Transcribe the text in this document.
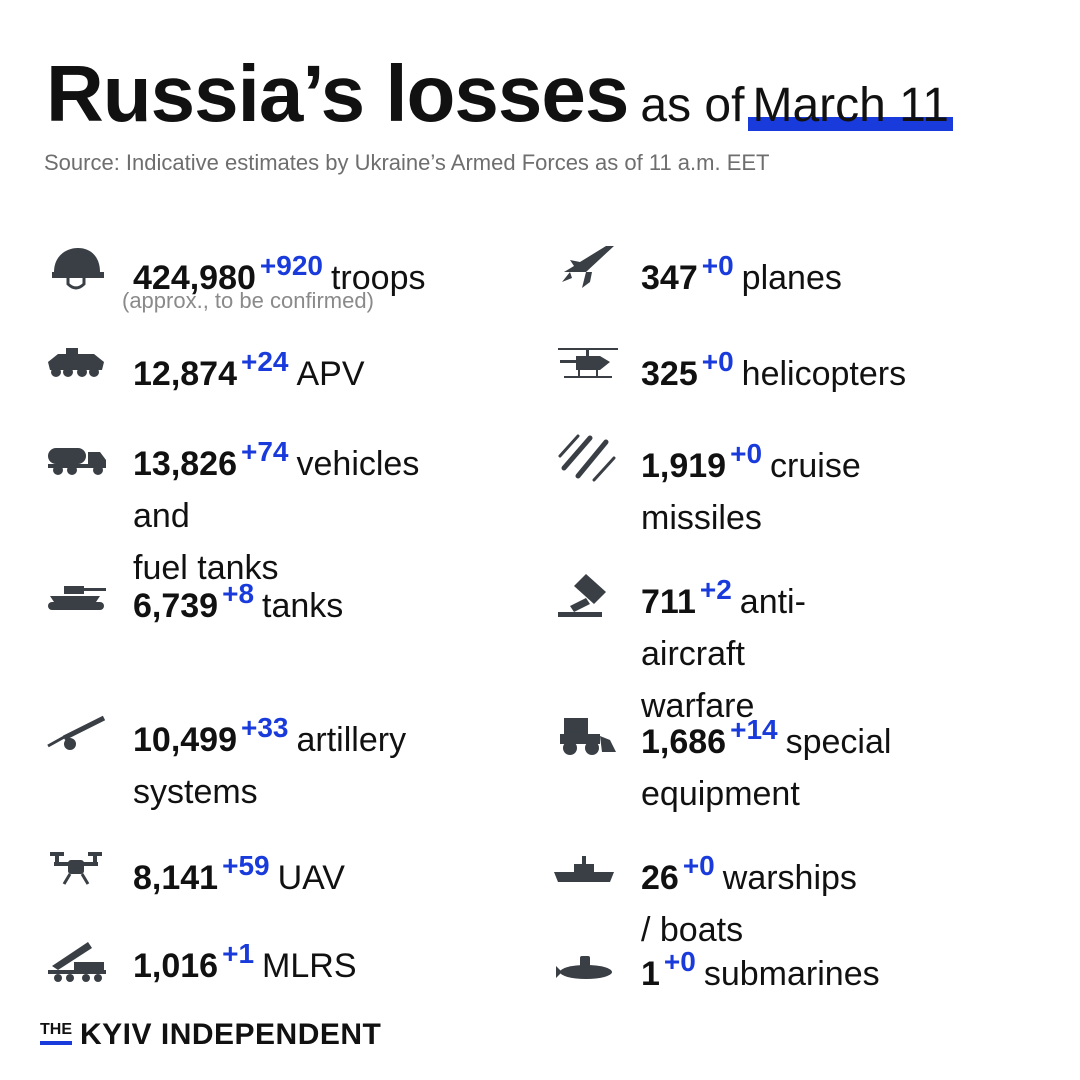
Russia’s losses as of March 11
Source: Indicative estimates by Ukraine’s Armed Forces as of 11 a.m. EET
424,980 $^{+920}$ troops
(approx., to be confirmed)
12,874 $^{+24}$ APV
13,826 $^{+74}$ vehicles and
fuel tanks
6,739 $^{+8}$ tanks
10,499 $^{+33}$ artillery
systems
8,141 $^{+59}$ UAV
1,016 $^{+1}$ MLRS
347 $^{+0}$ planes
325 $^{+0}$ helicopters
1,919 $^{+0}$ cruise
missiles
711 $^{+2}$ anti-aircraft
warfare
1,686 $^{+14}$ special
equipment
26 $^{+0}$ warships / boats
1 $^{+0}$ submarines
THE KYIV INDEPENDENT
